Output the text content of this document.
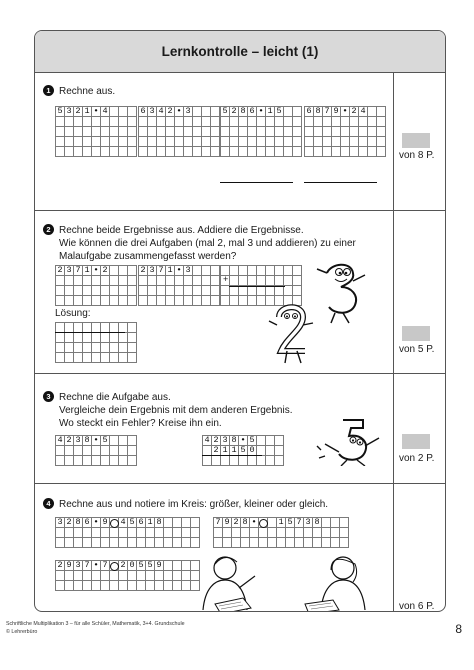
Lernkontrolle – leicht (1)
1 Rechne aus.
5 3 2 1 • 4	6 3 4 2 • 3	5 2 8 6 • 1 5	6 8 7 9 • 2 4
von 8 P.
2 Rechne beide Ergebnisse aus. Addiere die Ergebnisse.
Wie können die drei Aufgaben (mal 2, mal 3 und addieren) zu einer
Malaufgabe zusammengefasst werden?
2 3 7 1 • 2	2 3 7 1 • 3
+
Lösung:
von 5 P.
3 Rechne die Aufgabe aus.
Vergleiche dein Ergebnis mit dem anderen Ergebnis.
Wo steckt ein Fehler? Kreise ihn ein.
4 2 3 8 • 5	4 2 3 8 • 5
2 1 1 5 0
von 2 P.
4 Rechne aus und notiere im Kreis: größer, kleiner oder gleich.
3 2 8 6 • 9 4 5 6 1 8	7 9 2 8 •	1 5 7 3 8
2 9 3 7 • 7 2 0 5 5 9
von 6 P.
Schriftliche Multiplikation 3 – für alle Schüler, Mathematik, 3+4. Grundschule
© Lehrerbüro	8
